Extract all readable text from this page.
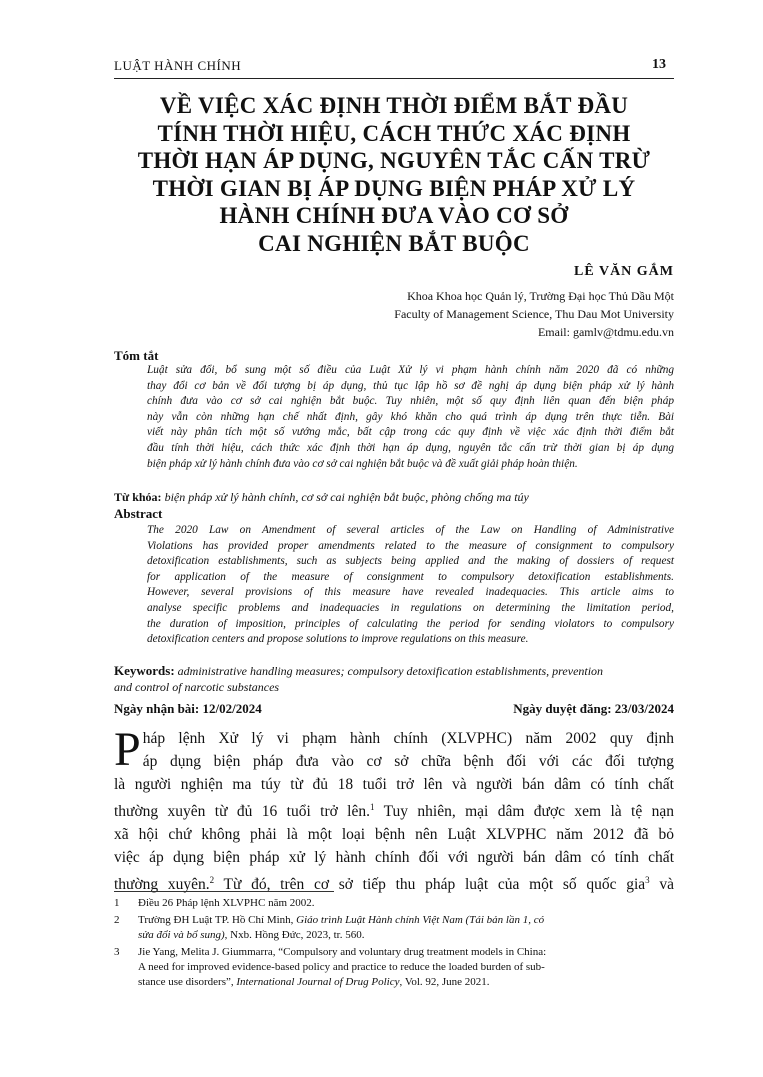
LUẬT HÀNH CHÍNH	13
VỀ VIỆC XÁC ĐỊNH THỜI ĐIỂM BẮT ĐẦU
TÍNH THỜI HIỆU, CÁCH THỨC XÁC ĐỊNH
THỜI HẠN ÁP DỤNG, NGUYÊN TẮC CẤN TRỪ
THỜI GIAN BỊ ÁP DỤNG BIỆN PHÁP XỬ LÝ
HÀNH CHÍNH ĐƯA VÀO CƠ SỞ
CAI NGHIỆN BẮT BUỘC
LÊ VĂN GẮM
Khoa Khoa học Quản lý, Trường Đại học Thủ Dầu Một
Faculty of Management Science, Thu Dau Mot University
Email: gamlv@tdmu.edu.vn
Tóm tắt
Luật sửa đổi, bổ sung một số điều của Luật Xử lý vi phạm hành chính năm 2020 đã có những
thay đổi cơ bản về đối tượng bị áp dụng, thủ tục lập hồ sơ đề nghị áp dụng biện pháp xử lý hành
chính đưa vào cơ sở cai nghiện bắt buộc. Tuy nhiên, một số quy định liên quan đến biện pháp
này vẫn còn những hạn chế nhất định, gây khó khăn cho quá trình áp dụng trên thực tiễn. Bài
viết này phân tích một số vướng mắc, bất cập trong các quy định về việc xác định thời điểm bắt
đầu tính thời hiệu, cách thức xác định thời hạn áp dụng, nguyên tắc cấn trừ thời gian bị áp dụng
biện pháp xử lý hành chính đưa vào cơ sở cai nghiện bắt buộc và đề xuất giải pháp hoàn thiện.
Từ khóa: biện pháp xử lý hành chính, cơ sở cai nghiện bắt buộc, phòng chống ma túy
Abstract
The 2020 Law on Amendment of several articles of the Law on Handling of Administrative
Violations has provided proper amendments related to the measure of consignment to compulsory
detoxification establishments, such as subjects being applied and the making of dossiers of request
for application of the measure of consignment to compulsory detoxification establishments.
However, several provisions of this measure have revealed inadequacies. This article aims to
analyse specific problems and inadequacies in regulations on determining the limitation period,
the duration of imposition, principles of calculating the period for sending violators to compulsory
detoxification centers and propose solutions to improve regulations on this measure.
Keywords: administrative handling measures; compulsory detoxification establishments, prevention
and control of narcotic substances
Ngày nhận bài: 12/02/2024	Ngày duyệt đăng: 23/03/2024
P háp lệnh Xử lý vi phạm hành chính (XLVPHC) năm 2002 quy định
áp dụng biện pháp đưa vào cơ sở chữa bệnh đối với các đối tượng
là người nghiện ma túy từ đủ 18 tuổi trở lên và người bán dâm có tính chất
thường xuyên từ đủ 16 tuổi trở lên.$^1$ Tuy nhiên, mại dâm được xem là tệ nạn
xã hội chứ không phải là một loại bệnh nên Luật XLVPHC năm 2012 đã bỏ
việc áp dụng biện pháp xử lý hành chính đối với người bán dâm có tính chất
thường xuyên.$^2$ Từ đó, trên cơ sở tiếp thu pháp luật của một số quốc gia$^3$ và
1	Điều 26 Pháp lệnh XLVPHC năm 2002.
2	Trường ĐH Luật TP. Hồ Chí Minh, Giáo trình Luật Hành chính Việt Nam (Tái bản lần 1, có
sửa đổi và bổ sung), Nxb. Hồng Đức, 2023, tr. 560.
3	Jie Yang, Melita J. Giummarra, “Compulsory and voluntary drug treatment models in China:
A need for improved evidence-based policy and practice to reduce the loaded burden of sub-
stance use disorders”, International Journal of Drug Policy, Vol. 92, June 2021.
